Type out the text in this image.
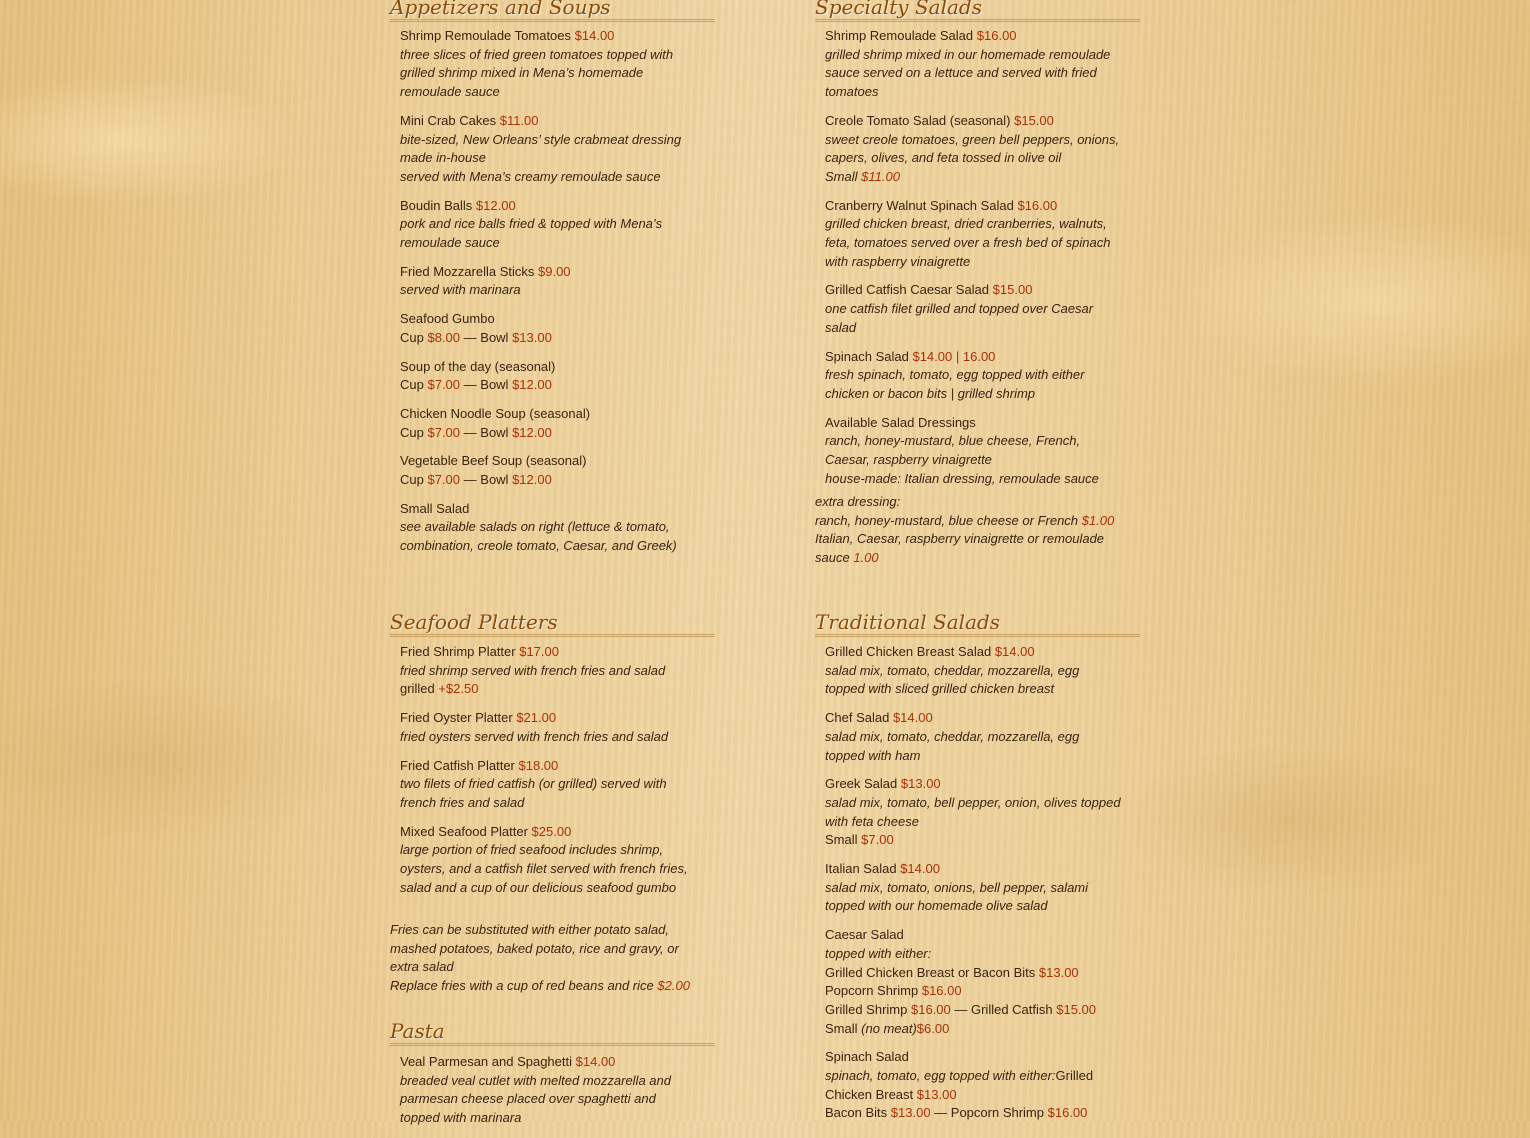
Appetizers and Soups
Shrimp Remoulade Tomatoes $14.00
three slices of fried green tomatoes topped with
grilled shrimp mixed in Mena’s homemade
remoulade sauce
Mini Crab Cakes $11.00
bite-sized, New Orleans’ style crabmeat dressing
made in-house
served with Mena’s creamy remoulade sauce
Boudin Balls $12.00
pork and rice balls fried & topped with Mena’s
remoulade sauce
Fried Mozzarella Sticks $9.00
served with marinara
Seafood Gumbo
Cup $8.00 — Bowl $13.00
Soup of the day (seasonal)
Cup $7.00 — Bowl $12.00
Chicken Noodle Soup (seasonal)
Cup $7.00 — Bowl $12.00
Vegetable Beef Soup (seasonal)
Cup $7.00 — Bowl $12.00
Small Salad
see available salads on right (lettuce & tomato,
combination, creole tomato, Caesar, and Greek)
Specialty Salads
Shrimp Remoulade Salad $16.00
grilled shrimp mixed in our homemade remoulade
sauce served on a lettuce and served with fried
tomatoes
Creole Tomato Salad (seasonal) $15.00
sweet creole tomatoes, green bell peppers, onions,
capers, olives, and feta tossed in olive oil
Small $11.00
Cranberry Walnut Spinach Salad $16.00
grilled chicken breast, dried cranberries, walnuts,
feta, tomatoes served over a fresh bed of spinach
with raspberry vinaigrette
Grilled Catfish Caesar Salad $15.00
one catfish filet grilled and topped over Caesar
salad
Spinach Salad $14.00 | 16.00
fresh spinach, tomato, egg topped with either
chicken or bacon bits | grilled shrimp
Available Salad Dressings
ranch, honey-mustard, blue cheese, French,
Caesar, raspberry vinaigrette
house-made: Italian dressing, remoulade sauce
extra dressing:
ranch, honey-mustard, blue cheese or French $1.00
Italian, Caesar, raspberry vinaigrette or remoulade
sauce 1.00
Seafood Platters
Fried Shrimp Platter $17.00
fried shrimp served with french fries and salad
grilled +$2.50
Fried Oyster Platter $21.00
fried oysters served with french fries and salad
Fried Catfish Platter $18.00
two filets of fried catfish (or grilled) served with
french fries and salad
Mixed Seafood Platter $25.00
large portion of fried seafood includes shrimp,
oysters, and a catfish filet served with french fries,
salad and a cup of our delicious seafood gumbo
Fries can be substituted with either potato salad,
mashed potatoes, baked potato, rice and gravy, or
extra salad
Replace fries with a cup of red beans and rice $2.00
Pasta
Veal Parmesan and Spaghetti $14.00
breaded veal cutlet with melted mozzarella and
parmesan cheese placed over spaghetti and
topped with marinara
Traditional Salads
Grilled Chicken Breast Salad $14.00
salad mix, tomato, cheddar, mozzarella, egg
topped with sliced grilled chicken breast
Chef Salad $14.00
salad mix, tomato, cheddar, mozzarella, egg
topped with ham
Greek Salad $13.00
salad mix, tomato, bell pepper, onion, olives topped
with feta cheese
Small $7.00
Italian Salad $14.00
salad mix, tomato, onions, bell pepper, salami
topped with our homemade olive salad
Caesar Salad
topped with either:
Grilled Chicken Breast or Bacon Bits $13.00
Popcorn Shrimp $16.00
Grilled Shrimp $16.00 — Grilled Catfish $15.00
Small (no meat)$6.00
Spinach Salad
spinach, tomato, egg topped with either:Grilled
Chicken Breast $13.00
Bacon Bits $13.00 — Popcorn Shrimp $16.00
